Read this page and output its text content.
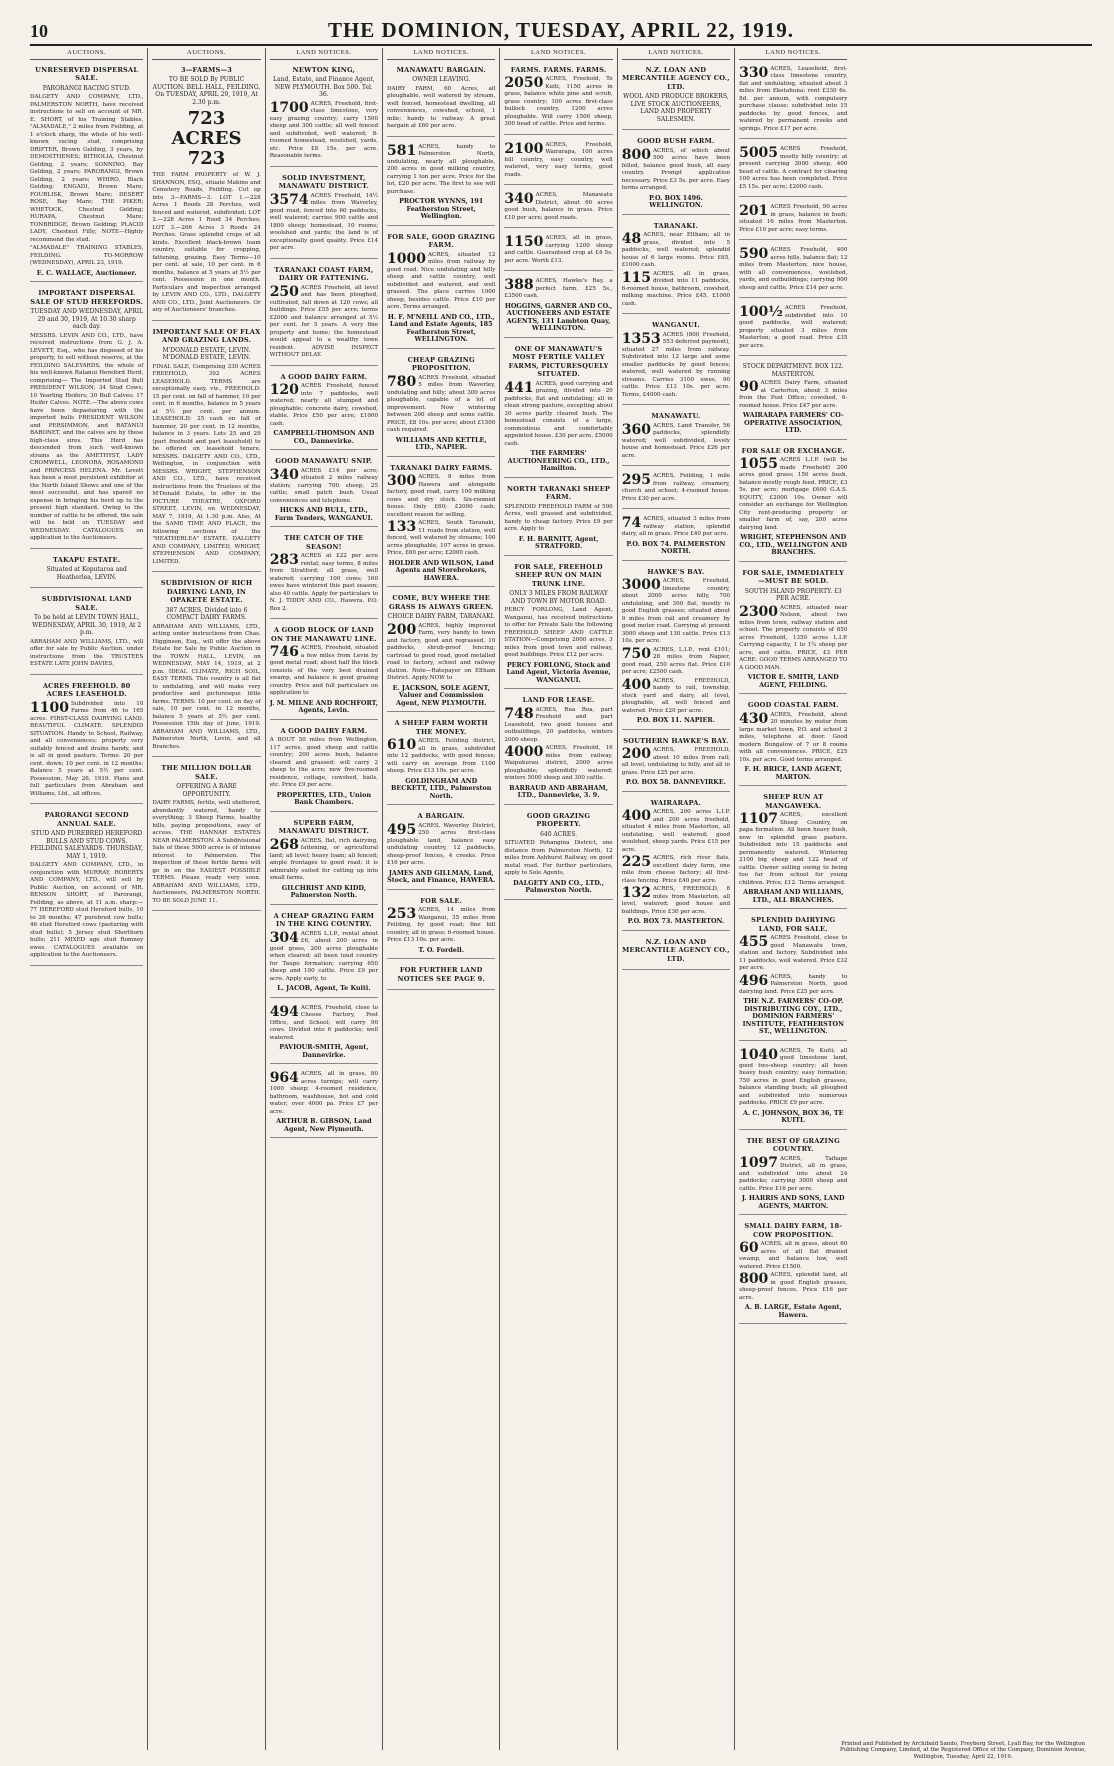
10	THE DOMINION, TUESDAY, APRIL 22, 1919.
AUCTIONS.
UNRESERVED DISPERSAL SALE.
PARORANGI RACING STUD.
DALGETY AND COMPANY, LTD., PALMERSTON NORTH, have received instructions to sell on account of MR. E. SHORT, of his Training Stables, "ALMADALE," 2 miles from Feilding, at 1 o'clock sharp, the whole of his well-known racing stud, comprising DRIFTER, Brown Gelding, 3 years, by DEMOSTHENES; BITHOLIA, Chestnut Gelding, 2 years; SONNINO, Bay Gelding, 2 years; PARORANGI, Brown Gelding, 2 years; WHIRO, Black Gelding; ENGADI, Brown Mare; FOURLISK, Brown Mare; DESERT ROSE, Bay Mare; THE PIKER; WHETOCK, Chestnut Gelding; HURAPA, Chestnut Mare; TONBRIDGE, Brown Gelding; PLACID LADY, Chestnut Filly; NOTE—Highly recommend the stud.
"ALMADALE" TRAINING STABLES, FEILDING. TO-MORROW (WEDNESDAY), APRIL 23, 1919.
E. C. WALLACE, Auctioneer.
IMPORTANT DISPERSAL SALE OF STUD HEREFORDS.
TUESDAY AND WEDNESDAY, APRIL 29 and 30, 1919, At 10.30 sharp each day.
MESSRS. LEVIN AND CO., LTD., have received instructions from G. J. A. LEVETT, Esq., who has disposed of his property, to sell without reserve, at the FEILDING SALEYARDS, the whole of his well-known Ratanui Hereford Herd, comprising— The Imported Stud Bull PRESIDENT WILSON; 34 Stud Cows; 10 Yearling Heifers; 30 Bull Calves; 17 Heifer Calves. NOTE.—The above cows have been depasturing with the imported bulls PRESIDENT WILSON and PERSIMMON, and RATANUI BARONET, and the calves are by these high-class sires. This Herd has descended from such well-known strains as the AMETHYST, LADY CROMWELL, LEONORA, ROSAMOND and PRINCESS HELENA. Mr. Levett has been a most persistent exhibitor at the North Island Shows and one of the most successful, and has spared no expense in bringing his herd up to the present high standard. Owing to the number of cattle to be offered, the sale will be held on TUESDAY and WEDNESDAY. CATALOGUES on application to the Auctioneers.
TAKAPU ESTATE.
Situated at Koputaroa and Heatherlea, LEVIN.
SUBDIVISIONAL LAND SALE.
To be held at LEVIN TOWN HALL, WEDNESDAY, APRIL 30, 1919, At 2 p.m.
ABRAHAM AND WILLIAMS, LTD., will offer for sale by Public Auction, under instructions from the TRUSTEES ESTATE LATE JOHN DAVIES,
ACRES FREEHOLD. 80 ACRES LEASEHOLD.
1100 Subdivided into 10 Farms from 46 to 165 acres. FIRST-CLASS DAIRYING LAND. BEAUTIFUL CLIMATE. SPLENDID SITUATION. Handy to School, Railway, and all conveniences; property very suitably fenced and drains handy, and is all in good pasture. Terms: 20 per cent. down; 10 per cent. in 12 months; Balance 5 years at 5½ per cent. Possession, May 26, 1919. Plans and full particulars from Abraham and Williams, Ltd., all offices.
PARORANGI SECOND ANNUAL SALE.
STUD AND PUREBRED HEREFORD BULLS AND STUD COWS. FEILDING SALEYARDS. THURSDAY, MAY 1, 1919.
DALGETY AND COMPANY, LTD., in conjunction with MURRAY, ROBERTS AND COMPANY, LTD., will sell by Public Auction, on account of MR. BENSON SHORT, of Parorangi, Feilding, as above, at 11 a.m. sharp:— 77 HEREFORD stud Hereford bulls, 10 to 26 months; 47 purebred cow bulls; 46 stud Hereford cows (pasturing with stud bulls); 5 Jersey stud Shorthorn bulls; 211 MIXED age stud Romney ewes. CATALOGUES available on application to the Auctioneers.
AUCTIONS.
3—FARMS—3
TO BE SOLD By PUBLIC AUCTION. BELL HALL, FEILDING. On TUESDAY, APRIL 29, 1919, At 2.30 p.m.
723 ACRES 723
THE FARM PROPERTY of W. J. SHANNON, ESQ., situate Makino and Cemetery Roads, Feilding. Cut up into 3—FARMS—3. LOT 1.—228 Acres 1 Roods 28 Perches, well fenced and watered, subdivided; LOT 2.—228 Acres 1 Rood 34 Perches; LOT 3.—266 Acres 3 Roods 24 Perches. Grass splendid crops of all kinds. Excellent black-brown loam country, suitable for cropping, fattening, grazing. Easy Terms—10 per cent. at sale, 10 per cent. in 6 months, balance at 5 years at 5½ per cent. Possession in one month. Particulars and inspection arranged by LEVIN AND CO., LTD., DALGETY AND CO., LTD., Joint Auctioneers. Or any of Auctioneers' branches.
IMPORTANT SALE OF FLAX AND GRAZING LANDS.
M'DONALD ESTATE, LEVIN. M'DONALD ESTATE, LEVIN.
FINAL SALE, Comprising 330 ACRES FREEHOLD, 392 ACRES LEASEHOLD. TERMS are exceptionally easy, viz., FREEHOLD: 15 per cent. on fall of hammer, 10 per cent. in 6 months, balance in 5 years at 5½ per cent. per annum. LEASEHOLD: 25 cash on fall of hammer, 20 per cent. in 12 months, balance in 3 years. Lots 25 and 29 (part freehold and part leasehold) to be offered on leasehold tenure. MESSRS. DALGETY AND CO., LTD., Wellington, in conjunction with MESSRS. WRIGHT, STEPHENSON AND CO., LTD., have received instructions from the Trustees of the M'Donald Estate, to offer in the PICTURE THEATRE, OXFORD STREET, LEVIN, on WEDNESDAY, MAY 7, 1919, At 1.30 p.m. Also, At the SAME TIME AND PLACE, the following sections of the "HEATHERLEA" ESTATE. DALGETY AND COMPANY, LIMITED, WRIGHT, STEPHENSON AND COMPANY, LIMITED.
SUBDIVISION OF RICH DAIRYING LAND, IN OPAKETE ESTATE.
387 ACRES, Divided into 6 COMPACT DAIRY FARMS.
ABRAHAM AND WILLIAMS, LTD., acting under instructions from Chas. Higginson, Esq., will offer the above Estate for Sale by Public Auction in the TOWN HALL, LEVIN, on WEDNESDAY, MAY 14, 1919, at 2 p.m. IDEAL CLIMATE, RICH SOIL, EASY TERMS. This country is all flat to undulating, and will make very productive and picturesque little farms. TERMS: 10 per cent. on day of sale, 10 per cent. in 12 months, balance 5 years at 5½ per cent. Possession 15th day of June, 1919. ABRAHAM AND WILLIAMS, LTD., Palmerston North, Levin, and all Branches.
THE MILLION DOLLAR SALE.
OFFERING A RARE OPPORTUNITY.
DAIRY FARMS, fertile, well sheltered, abundantly watered, handy to everything; 3 Sheep Farms, healthy hills, paying propositions, easy of access. THE HANNAH ESTATES NEAR PALMERSTON. A Subdivisional Sale of these 5000 acres is of intense interest to Palmerston. The inspection of these fertile farms will go in on the EASIEST POSSIBLE TERMS. Please ready very soon. ABRAHAM AND WILLIAMS, LTD., Auctioneers, PALMERSTON NORTH. TO BE SOLD JUNE 11.
LAND NOTICES.
NEWTON KING,
Land, Estate, and Finance Agent, NEW PLYMOUTH. Box 500. Tel. 36.
1700 ACRES, Freehold, first-class limestone, very easy grazing country; carry 1500 sheep and 300 cattle; all well fenced and subdivided, well watered; 8-roomed homestead, woolshed, yards, etc. Price £8 15s. per acre. Reasonable terms.
SOLID INVESTMENT, MANAWATU DISTRICT.
3574 ACRES Freehold, 14½ miles from Waverley, good road, fenced into 60 paddocks, well watered; carries 900 cattle and 1800 sheep; homestead, 10 rooms; woolshed and yards; the land is of exceptionally good quality. Price £14 per acre.
TARANAKI COAST FARM, DAIRY OR FATTENING.
250 ACRES Freehold, all level and has been ploughed, cultivated, fall down at 120 cows; all buildings. Price £55 per acre; terms £2000 and balance arranged at 5½ per cent. for 5 years. A very fine property and home; the homestead would appeal to a wealthy town resident. ADVISE INSPECT WITHOUT DELAY.
A GOOD DAIRY FARM.
120 ACRES Freehold, fenced into 7 paddocks, well watered; nearly all stumped and ploughable; concrete dairy, cowshed, stable. Price £50 per acre; £1000 cash.
CAMPBELL-THOMSON AND CO., Dannevirke.
GOOD MANAWATU SNIP.
340 ACRES £14 per acre; situated 2 miles railway station; carrying 700 sheep, 25 cattle; small patch bush. Usual conveniences and telephone.
HICKS AND BULL, LTD., Farm Tenders, WANGANUI.
THE CATCH OF THE SEASON!
283 ACRES at £22 per acre rental; easy terms, 8 miles from Stratford; all grass, well watered; carrying 100 cows; 160 ewes have wintered this past season; also 40 cattle. Apply for particulars to N. J. TIDDY AND CO., Hawera. P.O. Box 2.
A GOOD BLOCK OF LAND ON THE MANAWATU LINE.
746 ACRES, Freehold, situated a few miles from Levin by good metal road; about half the block consists of the very best drained swamp, and balance is good grazing country. Price and full particulars on application to
J. M. MILNE AND ROCHFORT, Agents, Levin.
A GOOD DAIRY FARM.
A BOUT 50 miles from Wellington, 117 acres, good sheep and cattle country; 200 acres bush, balance cleared and grassed; will carry 2 sheep to the acre; new five-roomed residence, cottage, cowshed, bails, etc. Price £9 per acre.
PROPERTIES, LTD., Union Bank Chambers.
SUPERB FARM, MANAWATU DISTRICT.
268 ACRES, flat, rich dairying, fattening, or agricultural land; all level; heavy loam; all fenced; ample frontages to good road; it is admirably suited for cutting up into small farms.
GILCHRIST AND KIDD, Palmerston North.
A CHEAP GRAZING FARM IN THE KING COUNTRY.
304 ACRES L.I.P., rental about £6, about 200 acres in good grass, 200 acres ploughable when cleared; all been loud country for Taupo formation; carrying 650 sheep and 100 cattle. Price £9 per acre. Apply early, to
L. JACOB, Agent, Te Kuiti.
494 ACRES, Freehold, close to Cheese Factory, Post Office, and School; will carry 90 cows. Divided into 6 paddocks; well watered.
PAVIOUR-SMITH, Agent, Dannevirke.
964 ACRES, all in grass, 80 acres turnips; will carry 1000 sheep; 4-roomed residence, bathroom, washhouse, hot and cold water; over 4000 pa. Price £7 per acre.
ARTHUR B. GIBSON, Land Agent, New Plymouth.
LAND NOTICES.
MANAWATU BARGAIN.
OWNER LEAVING.
DAIRY FARM, 60 Acres, all ploughable, well watered by stream, well fenced, homestead dwelling, all conveniences, cowshed, school, 1 mile; handy to railway. A great bargain at £60 per acre.
581 ACRES, handy to Palmerston North, undulating, nearly all ploughable, 200 acres in good milking country, carrying 1 ton per acre. Price for the lot, £20 per acre. The first to see will purchase.
PROCTOR WYNNS, 191 Featherston Street, Wellington.
FOR SALE, GOOD GRAZING FARM.
1000 ACRES, situated 12 miles from railway by good road. Nice undulating and hilly sheep and cattle country, well subdivided and watered, and well grassed. The place carries 1900 sheep, besides cattle. Price £10 per acre. Terms arranged.
H. F. M'NEILL AND CO., LTD., Land and Estate Agents, 185 Featherston Street, WELLINGTON.
CHEAP GRAZING PROPOSITION.
780 ACRES Freehold, situated 5 miles from Waverley, undulating and hilly; about 300 acres ploughable, capable of a lot of improvement. Now wintering between 200 sheep and some cattle. PRICE, £8 10s. per acre; about £1500 cash required.
WILLIAMS AND KETTLE, LTD., NAPIER.
TARANAKI DAIRY FARMS.
300 ACRES, 8 miles from Hawera and alongside factory, good road, carry 100 milking cows and dry stock. Six-roomed house. Only £60; £2000 cash; excellent reason for selling.
133 ACRES, South Taranaki, 11 roads from station, well fenced, well watered by streams; 100 acres ploughable, 107 acres in grass. Price, £60 per acre; £2000 cash.
HOLDER AND WILSON, Land Agents and Storebrokers, HAWERA.
COME, BUY WHERE THE GRASS IS ALWAYS GREEN.
CHOICE DAIRY FARM, TARANAKI.
200 ACRES, highly improved Farm, very handy to town and factory, good and regrassed, 10 paddocks, shrub-proof fencing; cartroad to good road, good metalled road to factory, school and railway station. Note—Ratepayer on Eltham District. Apply NOW to
E. JACKSON, SOLE AGENT, Valuer and Commission Agent, NEW PLYMOUTH.
A SHEEP FARM WORTH THE MONEY.
610 ACRES, Feilding district, all in grass, subdivided into 12 paddocks, with good fences; will carry on average from 1100 sheep. Price £13 10s. per acre.
GOLDINGHAM AND BECKETT, LTD., Palmerston North.
A BARGAIN.
495 ACRES, Waverley District, 250 acres first-class ploughable land, balance easy undulating country, 12 paddocks, sheep-proof fences, 4 creeks. Price £16 per acre.
JAMES AND GILLMAN, Land, Stock, and Finance, HAWERA.
FOR SALE.
253 ACRES, 14 miles from Wanganui, 35 miles from Feilding, by good road; fine hill country, all in grass; 6-roomed house. Price £13 10s. per acre.
T. O. Fordell.
FOR FURTHER LAND NOTICES SEE PAGE 9.
LAND NOTICES.
FARMS. FARMS. FARMS.
2050 ACRES, Freehold, Te Kuiti, 1150 acres in grass, balance white pine and scrub, grass country; 100 acres first-class bullock country, 1200 acres ploughable. Will carry 1500 sheep, 300 head of cattle. Price and terms.
2100 ACRES, Freehold, Wairarapa, 100 acres hill country, easy country, well watered, very easy terms, good roads.
340 ACRES, Manawatu District, about 60 acres good bush, balance in grass. Price £10 per acre; good roads.
1150 ACRES, all in grass, carrying 1200 sheep and cattle. Guaranteed crop at £4 5s. per acre. Worth £13.
388 ACRES, Hawke's Bay, a perfect farm. £25 5s., £3500 cash.
HOGGINS, GARNER AND CO., AUCTIONEERS AND ESTATE AGENTS, 131 Lambton Quay, WELLINGTON.
ONE OF MANAWATU'S MOST FERTILE VALLEY FARMS, PICTURESQUELY SITUATED.
441 ACRES, good carrying and grazing, divided into 20 paddocks, flat and undulating; all in clean strong pasture, excepting about 30 acres partly cleared bush. The homestead consists of a large, commodious and comfortably appointed house. £30 per acre, £5000 cash.
THE FARMERS' AUCTIONEERING CO., LTD., Hamilton.
NORTH TARANAKI SHEEP FARM.
SPLENDID FREEHOLD FARM of 500 Acres, well grassed and subdivided, handy to cheap factory. Price £9 per acre. Apply to
F. H. BARNITT, Agent, STRATFORD.
FOR SALE, FREEHOLD SHEEP RUN ON MAIN TRUNK LINE.
ONLY 3 MILES FROM RAILWAY AND TOWN BY MOTOR ROAD.
PERCY FORLONG, Land Agent, Wanganui, has received instructions to offer for Private Sale the following FREEHOLD SHEEP AND CATTLE STATION—Comprising 2000 acres, 3 miles from good town and railway, good buildings. Price £12 per acre.
PERCY FORLONG, Stock and Land Agent, Victoria Avenue, WANGANUI.
LAND FOR LEASE.
748 ACRES, Rua Roa, part Freehold and part Leasehold, two good houses and outbuildings, 20 paddocks, winters 2000 sheep.
4000 ACRES, Freehold, 16 miles from railway, Waipukurau district, 2000 acres ploughable; splendidly watered; winters 5000 sheep and 300 cattle.
BARRAUD AND ABRAHAM, LTD., Dannevirke, 3. 9.
GOOD GRAZING PROPERTY.
640 ACRES.
SITUATED Pohangina District, one distance from Palmerston North, 12 miles from Ashhurst Railway, on good metal road. For further particulars, apply to Sole Agents,
DALGETY AND CO., LTD., Palmerston North.
LAND NOTICES.
N.Z. LOAN AND MERCANTILE AGENCY CO., LTD.
WOOL AND PRODUCE BROKERS, LIVE STOCK AUCTIONEERS, LAND AND PROPERTY SALESMEN.
GOOD BUSH FARM.
800 ACRES, of which about 500 acres have been felled, balance good bush, all easy country. Prompt application necessary. Price £3 5s. per acre. Easy terms arranged.
P.O. BOX 1496. WELLINGTON.
TARANAKI.
48 ACRES, near Eltham; all in grass, divided into 5 paddocks, well watered; splendid house of 6 large rooms. Price £65, £1000 cash.
115 ACRES, all in grass, divided into 11 paddocks, 6-roomed house, bathroom, cowshed, milking machine. Price £45, £1000 cash.
WANGANUI.
1353 ACRES (800 Freehold, 553 deferred payment), situated 27 miles from railway. Subdivided into 12 large and some smaller paddocks by good fences; watered, well watered by running streams. Carries 3100 ewes, 90 cattle. Price £13 10s. per acre. Terms, £4000 cash.
MANAWATU.
360 ACRES, Land Transfer, 56 paddocks, splendidly watered; well subdivided, lovely house and homestead. Price £26 per acre.
295 ACRES, Feilding, 1 mile from railway, creamery, church and school; 4-roomed house. Price £30 per acre.
74 ACRES, situated 3 miles from railway station, splendid dairy, all in grass. Price £40 per acre.
P.O. BOX 74. PALMERSTON NORTH.
HAWKE'S BAY.
3000 ACRES, Freehold, limestone country, about 2000 acres hilly, 700 undulating, and 300 flat, mostly in good English grasses; situated about 9 miles from rail and creamery by good motor road. Carrying at present 3000 sheep and 130 cattle. Price £13 10s. per acre.
750 ACRES, L.I.P., rent £101; 28 miles from Napier, good road, 250 acres flat. Price £10 per acre; £2500 cash.
400 ACRES, FREEHOLD, handy to rail, township, stock yard and dairy, all level, ploughable, all well fenced and watered. Price £20 per acre.
P.O. BOX 11. NAPIER.
SOUTHERN HAWKE'S BAY.
200 ACRES, FREEHOLD, about 10 miles from rail; all level, undulating to hilly, and all in grass. Price £25 per acre.
P.O. BOX 58. DANNEVIRKE.
WAIRARAPA.
400 ACRES, 200 acres L.I.P. and 200 acres freehold, situated 4 miles from Masterton, all undulating, well watered; good woolshed, sheep yards. Price £15 per acre.
225 ACRES, rich river flats, excellent dairy farm, one mile from cheese factory; all first-class fencing. Price £40 per acre.
132 ACRES, FREEHOLD, 8 miles from Masterton, all level, watered; good house and buildings. Price £30 per acre.
P.O. BOX 73. MASTERTON.
N.Z. LOAN AND MERCANTILE AGENCY CO., LTD.
LAND NOTICES.
330 ACRES, Leasehold, first-class limestone country, flat and undulating, situated about 3 miles from Eketahuna; rent £330 6s. 8d. per annum, with compulsory purchase clause; subdivided into 15 paddocks by good fences, and watered by permanent creeks and springs. Price £17 per acre.
5005 ACRES Freehold, mostly hilly country; at present carrying 3000 sheep, 400 head of cattle. A contract for clearing 100 acres has been completed. Price £5 15s. per acre; £2000 cash.
201 ACRES Freehold, 90 acres in grass, balance in bush; situated 16 miles from Masterton. Price £10 per acre; easy terms.
590 ACRES Freehold, 400 acres hills, balance flat; 12 miles from Masterton; nice house, with all conveniences, woolshed, yards, and outbuildings; carrying 900 sheep and cattle. Price £14 per acre.
100½ ACRES Freehold, subdivided into 10 good paddocks, well watered; property situated 3 miles from Masterton; a good road. Price £35 per acre.
STOCK DEPARTMENT. BOX 122. MASTERTON.
90 ACRES Dairy Farm, situated at Carterton, about 3 miles from the Post Office; cowshed, 6-roomed house. Price £47 per acre.
WAIRARAPA FARMERS' CO-OPERATIVE ASSOCIATION, LTD.
FOR SALE OR EXCHANGE.
1055 ACRES L.I.P. (will be made Freehold) 200 acres good grass; 150 acres bush, balance mostly rough feed. PRICE, £3 5s. per acre; mortgage £600 G.A.S. EQUITY, £2000 10s. Owner will consider an exchange for Wellington City rent-producing property or smaller farm of, say, 200 acres dairying land.
WRIGHT, STEPHENSON AND CO., LTD., WELLINGTON AND BRANCHES.
FOR SALE, IMMEDIATELY—MUST BE SOLD.
SOUTH ISLAND PROPERTY. £3 PER ACRE.
2300 ACRES, situated near Nelson, about two miles from town, railway station and school. The property consists of 850 acres Freehold, 1350 acres L.I.P. Carrying capacity, 1 to 1¼ sheep per acre, and cattle. PRICE, £3 PER ACRE. GOOD TERMS ARRANGED TO A GOOD MAN.
VICTOR E. SMITH, LAND AGENT, FEILDING.
GOOD COASTAL FARM.
430 ACRES, Freehold, about 20 minutes by motor from large market town, P.O. and school 2 miles, telephone at door. Good modern Bungalow of 7 or 8 rooms with all conveniences. PRICE, £25 10s. per acre. Good terms arranged.
F. H. BRICE, LAND AGENT, MARTON.
SHEEP RUN AT MANGAWEKA.
1107 ACRES, excellent Sheep Country, on papa formation. All been heavy bush, now in splendid grass pasture. Subdivided into 15 paddocks and permanently watered. Wintering 2100 big sheep and 122 head of cattle. Owner selling owing to being too far from school for young children. Price, £12. Terms arranged.
ABRAHAM AND WILLIAMS, LTD., ALL BRANCHES.
SPLENDID DAIRYING LAND, FOR SALE.
455 ACRES Freehold, close to good Manawatu town, station and factory. Subdivided into 11 paddocks, well watered. Price £32 per acre.
496 ACRES, handy to Palmerston North, good dairying land. Price £25 per acre.
THE N.Z. FARMERS' CO-OP. DISTRIBUTING COY., LTD., DOMINION FARMERS' INSTITUTE, FEATHERSTON ST., WELLINGTON.
1040 ACRES, Te Kuiti; all good limestone land, good two-sheep country; all been heavy bush country; easy formation; 750 acres in good English grasses, balance standing bush; all ploughed and subdivided into numerous paddocks. PRICE £9 per acre.
A. C. JOHNSON, BOX 36, TE KUITI.
THE BEST OF GRAZING COUNTRY.
1097 ACRES, Taihape District, all in grass, and subdivided into about 24 paddocks; carrying 3000 sheep and cattle. Price £16 per acre.
J. HARRIS AND SONS, LAND AGENTS, MARTON.
SMALL DAIRY FARM, 18-COW PROPOSITION.
60 ACRES, all in grass, about 60 acres of all flat drained swamp, and balance low, well watered. Price £1500.
800 ACRES, splendid land, all in good English grasses, sheep-proof fences. Price £16 per acre.
A. B. LARGE, Estate Agent, Hawera.
Printed and Published by Archibald Sando, Freyberg Street, Lyall Bay, for the Wellington Publishing Company, Limited, at the Registered Office of the Company, Dominion Avenue, Wellington, Tuesday, April 22, 1919.
